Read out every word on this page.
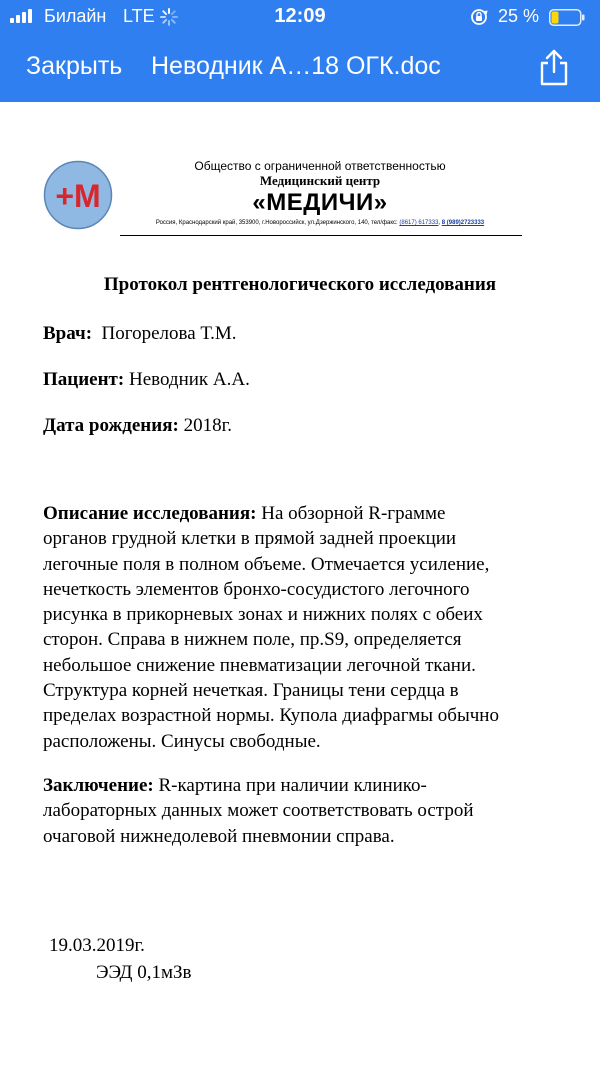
Билайн LTE	12:09	25 %
Закрыть Неводник А…18 ОГК.doc
+M
Общество с ограниченной ответственностью
Медицинский центр
«МЕДИЧИ»
Россия, Краснодарский край, 353900, г.Новороссийск, ул.Дзержинского, 140, тел/факс: (8617) 617333, 8 (989)2723333
Протокол рентгенологического исследования
Врач: Погорелова Т.М.
Пациент: Неводник А.А.
Дата рождения: 2018г.
Описание исследования: На обзорной R-грамме
органов грудной клетки в прямой задней проекции
легочные поля в полном объеме. Отмечается усиление,
нечеткость элементов бронхо-сосудистого легочного
рисунка в прикорневых зонах и нижних полях с обеих
сторон. Справа в нижнем поле, пр.S9, определяется
небольшое снижение пневматизации легочной ткани.
Структура корней нечеткая. Границы тени сердца в
пределах возрастной нормы. Купола диафрагмы обычно
расположены. Синусы свободные.
Заключение: R-картина при наличии клинико-
лабораторных данных может соответствовать острой
очаговой нижнедолевой пневмонии справа.
19.03.2019г.
ЭЭД 0,1мЗв
